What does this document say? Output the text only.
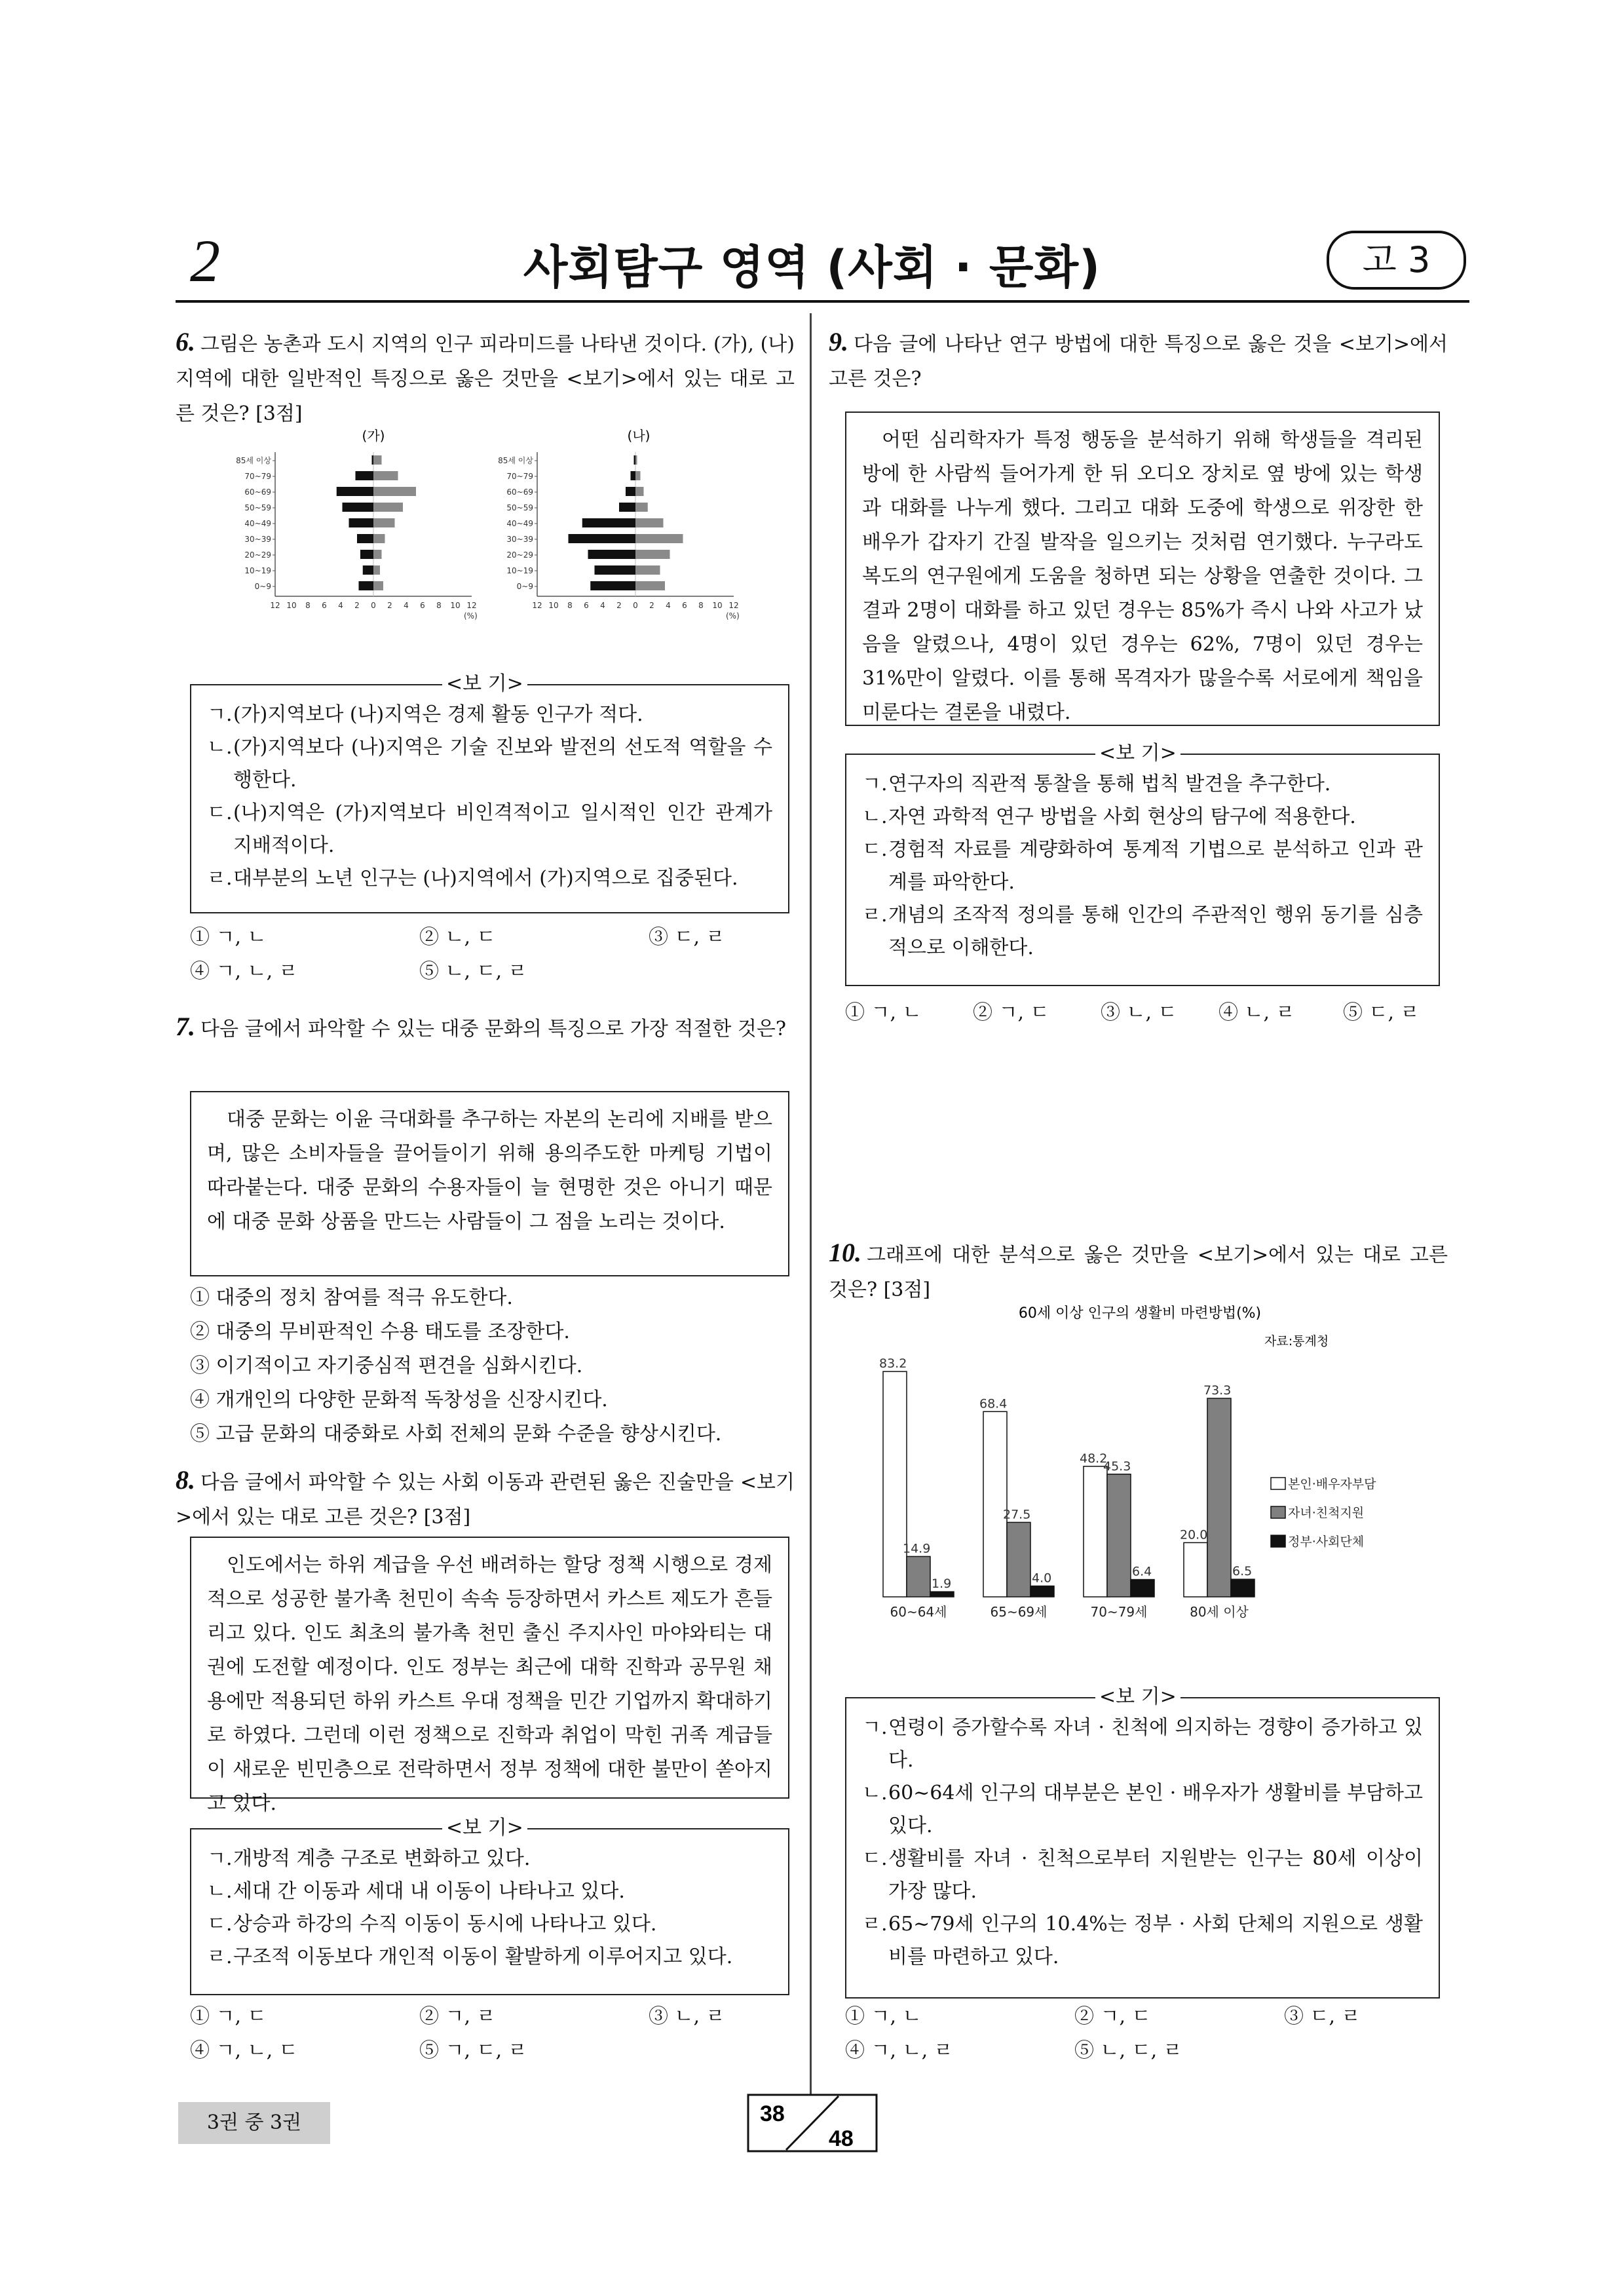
2	사회탐구 영역 (사회 · 문화)	고 3
6. 그림은 농촌과 도시 지역의 인구 피라미드를 나타낸 것이다. (가), (나)지역에 대한 일반적인 특징으로 옳은 것만을 <보기>에서 있는 대로 고른 것은? [3점]
(가)	(나)
85세 이상
70~79
60~69
50~59
40~49
30~39
20~29
10~19
0~9
12 10 8 6 4 2 0 2 4 6 8 10 12
(%)
85세 이상
70~79
60~69
50~59
40~49
30~39
20~29
10~19
0~9
12 10 8 6 4 2 0 2 4 6 8 10 12
(%)
<보 기>
ㄱ. (가)지역보다 (나)지역은 경제 활동 인구가 적다.
ㄴ. (가)지역보다 (나)지역은 기술 진보와 발전의 선도적 역할을 수행한다.
ㄷ. (나)지역은 (가)지역보다 비인격적이고 일시적인 인간 관계가 지배적이다.
ㄹ. 대부분의 노년 인구는 (나)지역에서 (가)지역으로 집중된다.
① ㄱ, ㄴ	② ㄴ, ㄷ	③ ㄷ, ㄹ
④ ㄱ, ㄴ, ㄹ	⑤ ㄴ, ㄷ, ㄹ
7. 다음 글에서 파악할 수 있는 대중 문화의 특징으로 가장 적절한 것은?

대중 문화는 이윤 극대화를 추구하는 자본의 논리에 지배를 받으며, 많은 소비자들을 끌어들이기 위해 용의주도한 마케팅 기법이 따라붙는다. 대중 문화의 수용자들이 늘 현명한 것은 아니기 때문에 대중 문화 상품을 만드는 사람들이 그 점을 노리는 것이다.

① 대중의 정치 참여를 적극 유도한다.
② 대중의 무비판적인 수용 태도를 조장한다.
③ 이기적이고 자기중심적 편견을 심화시킨다.
④ 개개인의 다양한 문화적 독창성을 신장시킨다.
⑤ 고급 문화의 대중화로 사회 전체의 문화 수준을 향상시킨다.
8. 다음 글에서 파악할 수 있는 사회 이동과 관련된 옳은 진술만을 <보기>에서 있는 대로 고른 것은? [3점]

인도에서는 하위 계급을 우선 배려하는 할당 정책 시행으로 경제적으로 성공한 불가촉 천민이 속속 등장하면서 카스트 제도가 흔들리고 있다. 인도 최초의 불가촉 천민 출신 주지사인 마야와티는 대권에 도전할 예정이다. 인도 정부는 최근에 대학 진학과 공무원 채용에만 적용되던 하위 카스트 우대 정책을 민간 기업까지 확대하기로 하였다. 그런데 이런 정책으로 진학과 취업이 막힌 귀족 계급들이 새로운 빈민층으로 전락하면서 정부 정책에 대한 불만이 쏟아지고 있다.

<보 기>
ㄱ. 개방적 계층 구조로 변화하고 있다.
ㄴ. 세대 간 이동과 세대 내 이동이 나타나고 있다.
ㄷ. 상승과 하강의 수직 이동이 동시에 나타나고 있다.
ㄹ. 구조적 이동보다 개인적 이동이 활발하게 이루어지고 있다.
① ㄱ, ㄷ	② ㄱ, ㄹ	③ ㄴ, ㄹ
④ ㄱ, ㄴ, ㄷ	⑤ ㄱ, ㄷ, ㄹ
9. 다음 글에 나타난 연구 방법에 대한 특징으로 옳은 것을 <보기>에서 고른 것은?

어떤 심리학자가 특정 행동을 분석하기 위해 학생들을 격리된 방에 한 사람씩 들어가게 한 뒤 오디오 장치로 옆 방에 있는 학생과 대화를 나누게 했다. 그리고 대화 도중에 학생으로 위장한 한 배우가 갑자기 간질 발작을 일으키는 것처럼 연기했다. 누구라도 복도의 연구원에게 도움을 청하면 되는 상황을 연출한 것이다. 그 결과 2명이 대화를 하고 있던 경우는 85%가 즉시 나와 사고가 났음을 알렸으나, 4명이 있던 경우는 62%, 7명이 있던 경우는 31%만이 알렸다. 이를 통해 목격자가 많을수록 서로에게 책임을 미룬다는 결론을 내렸다.

<보 기>
ㄱ. 연구자의 직관적 통찰을 통해 법칙 발견을 추구한다.
ㄴ. 자연 과학적 연구 방법을 사회 현상의 탐구에 적용한다.
ㄷ. 경험적 자료를 계량화하여 통계적 기법으로 분석하고 인과 관계를 파악한다.
ㄹ. 개념의 조작적 정의를 통해 인간의 주관적인 행위 동기를 심층적으로 이해한다.
① ㄱ, ㄴ	② ㄱ, ㄷ	③ ㄴ, ㄷ	④ ㄴ, ㄹ	⑤ ㄷ, ㄹ
10. 그래프에 대한 분석으로 옳은 것만을 <보기>에서 있는 대로 고른 것은? [3점]
60세 이상 인구의 생활비 마련방법(%)
자료:통계청
83.2
14.9
1.9
60~64세
68.4
27.5
4.0
65~69세
48.2
45.3
6.4
70~79세
20.0
73.3
6.5
80세 이상
본인·배우자부담
자녀·친척지원
정부·사회단체
<보 기>
ㄱ. 연령이 증가할수록 자녀 · 친척에 의지하는 경향이 증가하고 있다.
ㄴ. 60~64세 인구의 대부분은 본인 · 배우자가 생활비를 부담하고 있다.
ㄷ. 생활비를 자녀 · 친척으로부터 지원받는 인구는 80세 이상이 가장 많다.
ㄹ. 65~79세 인구의 10.4%는 정부 · 사회 단체의 지원으로 생활비를 마련하고 있다.
① ㄱ, ㄴ	② ㄱ, ㄷ	③ ㄷ, ㄹ
④ ㄱ, ㄴ, ㄹ	⑤ ㄴ, ㄷ, ㄹ
3권 중 3권	38
48
